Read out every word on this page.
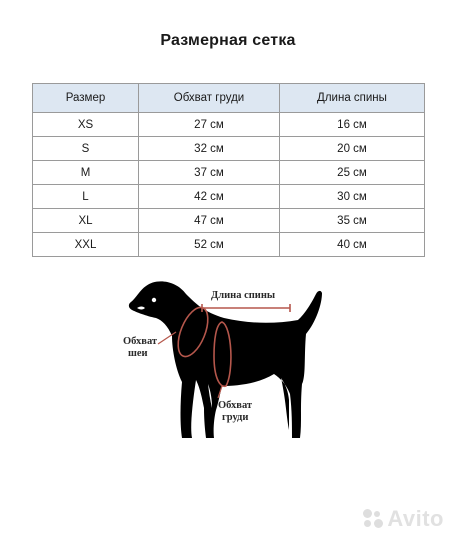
Размерная сетка
Размер	Обхват груди	Длина спины
XS	27 см	16 см
S	32 см	20 см
M	37 см	25 см
L	42 см	30 см
XL	47 см	35 см
XXL	52 см	40 см
Длина спины
Обхват
шеи
Обхват
груди
Avito
